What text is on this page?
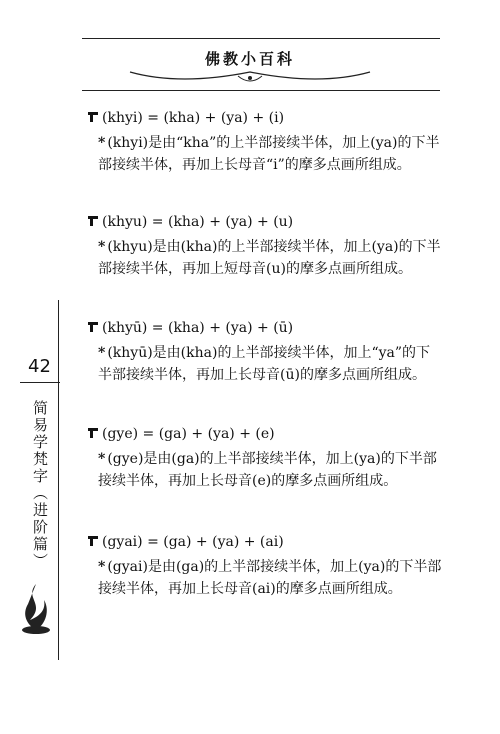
佛教小百科
42
简易学梵字（进阶篇）
(khyi) = (kha) + (ya) + (i)
* (khyi)是由“kha”的上半部接续半体，加上(ya)的下半部接续半体，再加上长母音“i”的摩多点画所组成。
(khyu) = (kha) + (ya) + (u)
* (khyu)是由(kha)的上半部接续半体，加上(ya)的下半部接续半体，再加上短母音(u)的摩多点画所组成。
(khyū) = (kha) + (ya) + (ū)
* (khyū)是由(kha)的上半部接续半体，加上“ya”的下半部接续半体，再加上长母音(ū)的摩多点画所组成。
(gye) = (ga) + (ya) + (e)
* (gye)是由(ga)的上半部接续半体，加上(ya)的下半部接续半体，再加上长母音(e)的摩多点画所组成。
(gyai) = (ga) + (ya) + (ai)
* (gyai)是由(ga)的上半部接续半体，加上(ya)的下半部接续半体，再加上长母音(ai)的摩多点画所组成。
